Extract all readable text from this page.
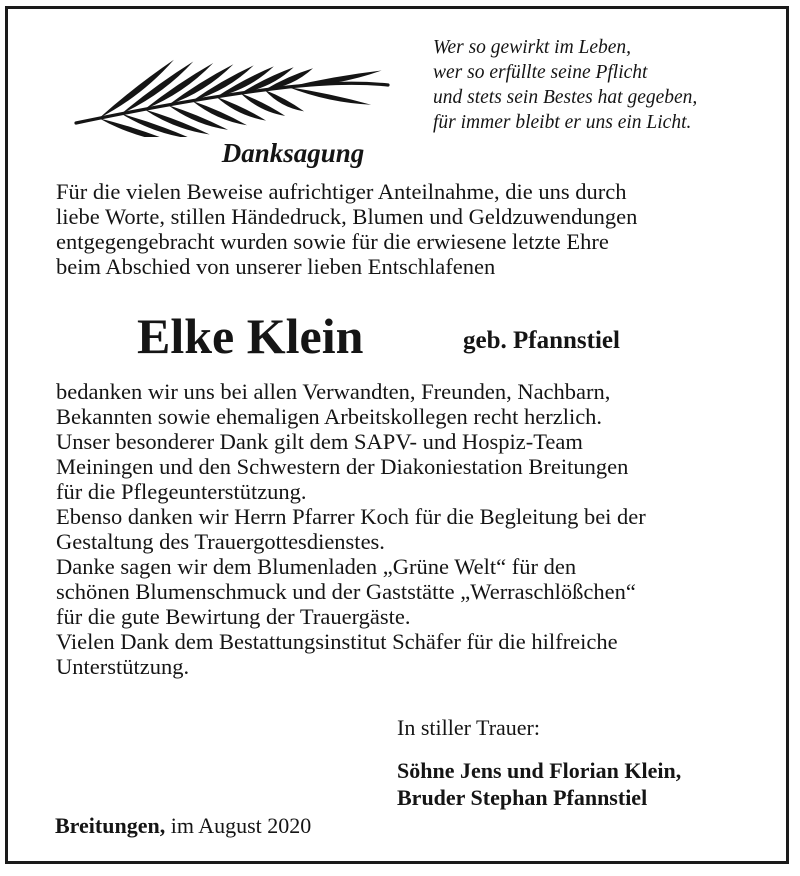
Wer so gewirkt im Leben,
wer so erfüllte seine Pflicht
und stets sein Bestes hat gegeben,
für immer bleibt er uns ein Licht.
Danksagung
Für die vielen Beweise aufrichtiger Anteilnahme, die uns durch
liebe Worte, stillen Händedruck, Blumen und Geldzuwendungen
entgegengebracht wurden sowie für die erwiesene letzte Ehre
beim Abschied von unserer lieben Entschlafenen
Elke Klein	geb. Pfannstiel
bedanken wir uns bei allen Verwandten, Freunden, Nachbarn,
Bekannten sowie ehemaligen Arbeitskollegen recht herzlich.
Unser besonderer Dank gilt dem SAPV- und Hospiz-Team
Meiningen und den Schwestern der Diakoniestation Breitungen
für die Pflegeunterstützung.
Ebenso danken wir Herrn Pfarrer Koch für die Begleitung bei der
Gestaltung des Trauergottesdienstes.
Danke sagen wir dem Blumenladen „Grüne Welt“ für den
schönen Blumenschmuck und der Gaststätte „Werraschlößchen“
für die gute Bewirtung der Trauergäste.
Vielen Dank dem Bestattungsinstitut Schäfer für die hilfreiche
Unterstützung.
In stiller Trauer:
Söhne Jens und Florian Klein,
Bruder Stephan Pfannstiel
Breitungen, im August 2020
